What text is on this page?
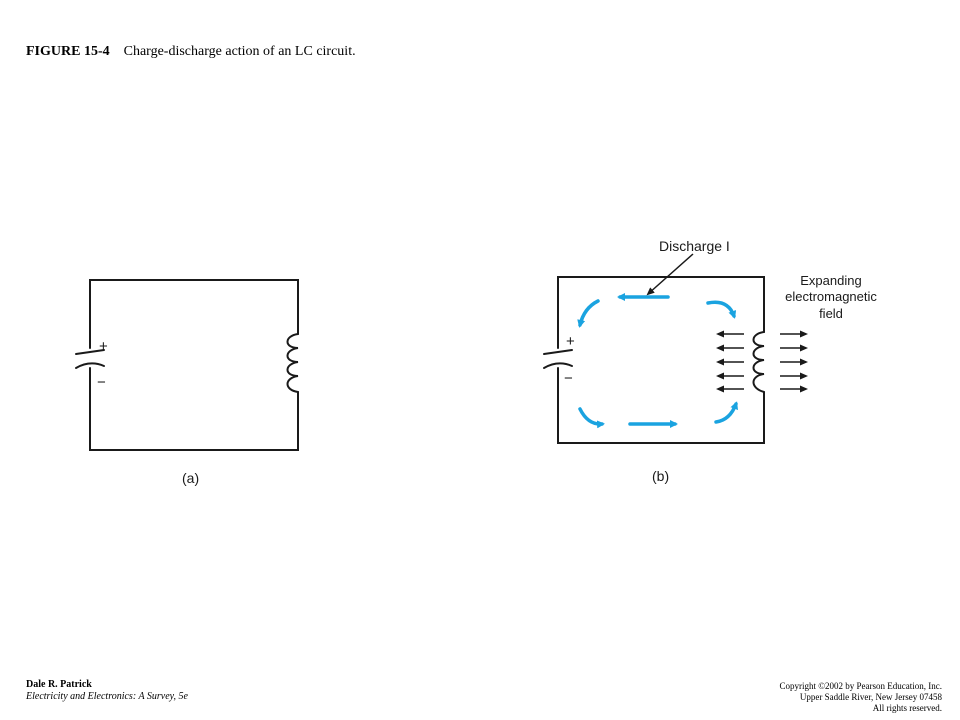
FIGURE 15-4 Charge-discharge action of an LC circuit.
+
−
(a)
+
−
(b)
Discharge I
Expanding
electromagnetic
field
Dale R. Patrick
Electricity and Electronics: A Survey, 5e
Copyright ©2002 by Pearson Education, Inc.
Upper Saddle River, New Jersey 07458
All rights reserved.
